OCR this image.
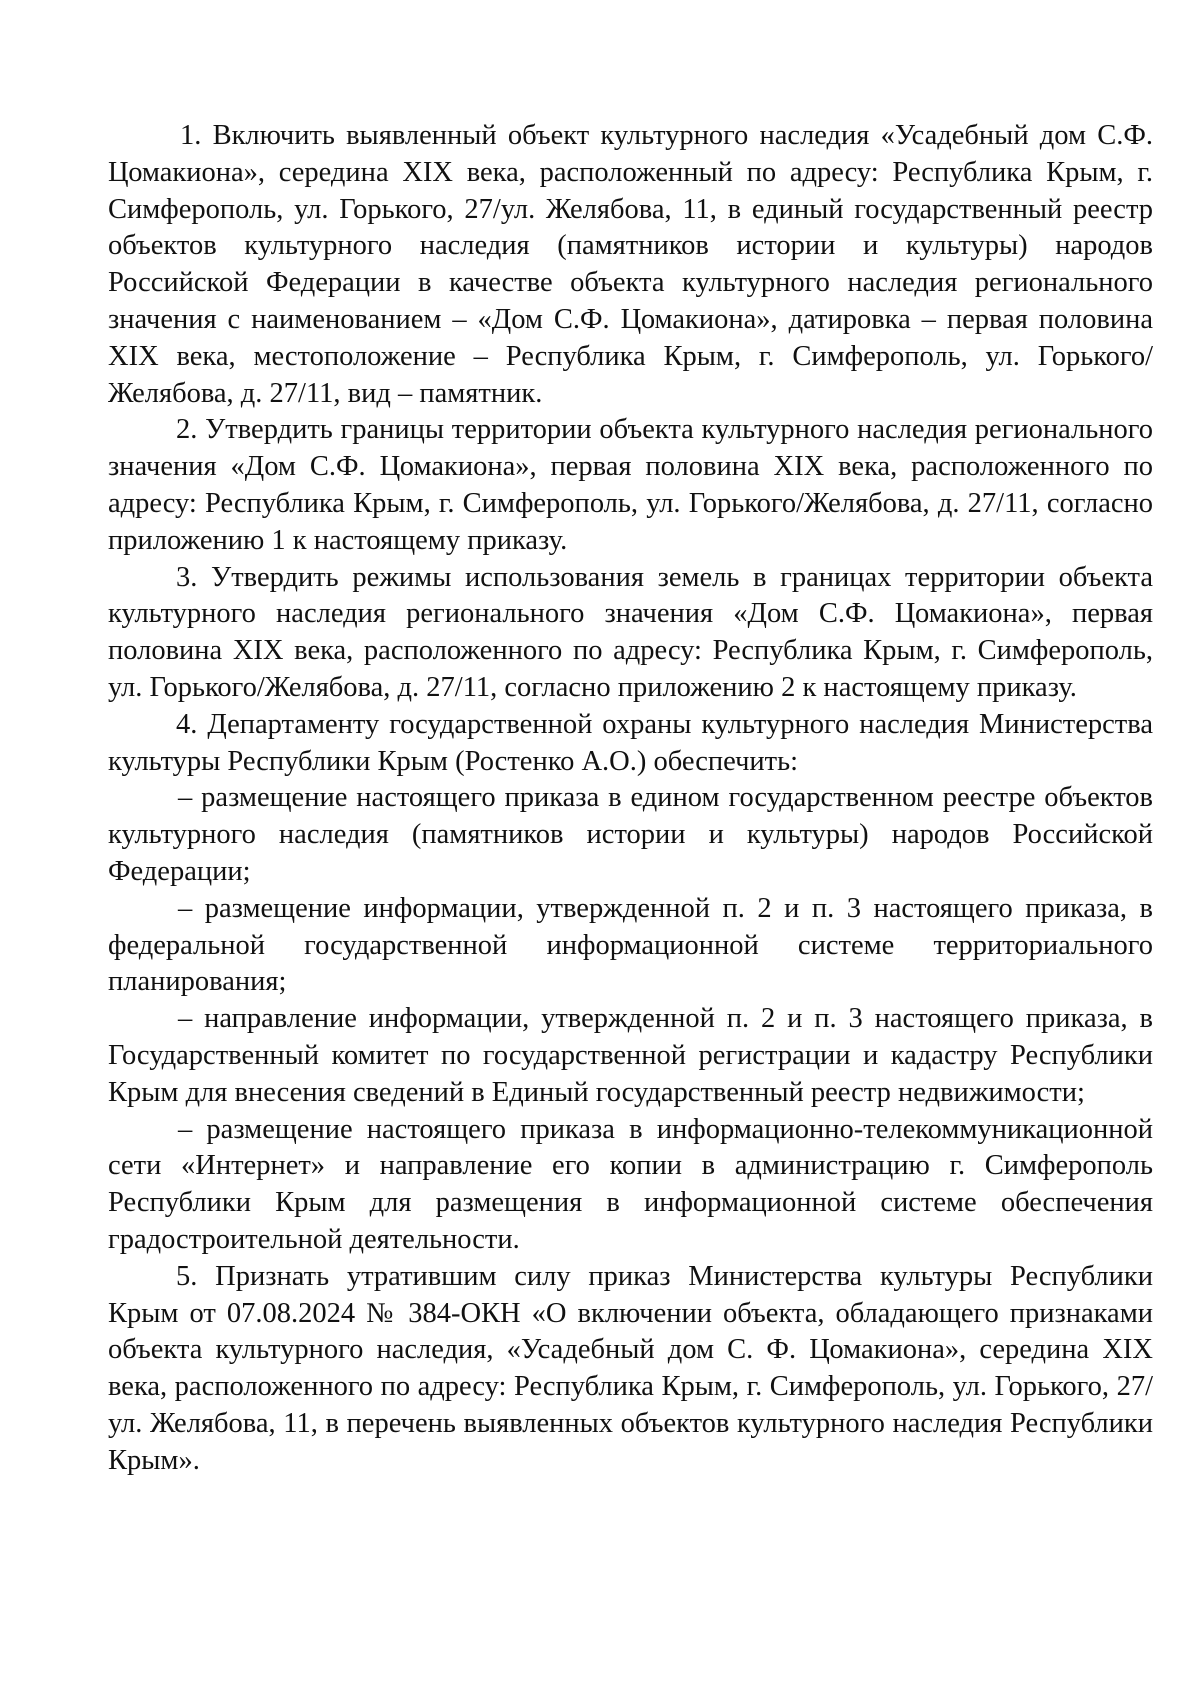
1. Включить выявленный объект культурного наследия «Усадебный дом С.Ф. Цомакиона», середина XIX века, расположенный по адресу: Республика Крым, г. Симферополь, ул. Горького, 27/ул. Желябова, 11, в единый государственный реестр объектов культурного наследия (памятников истории и культуры) народов Российской Федерации в качестве объекта культурного наследия регионального значения с наименованием – «Дом С.Ф. Цомакиона», датировка – первая половина XIX века, местоположение – Республика Крым, г. Симферополь, ул. Горького/Желябова, д. 27/11, вид – памятник.

2. Утвердить границы территории объекта культурного наследия регионального значения «Дом С.Ф. Цомакиона», первая половина XIX века, расположенного по адресу: Республика Крым, г. Симферополь, ул. Горького/Желябова, д. 27/11, согласно приложению 1 к настоящему приказу.

3. Утвердить режимы использования земель в границах территории объекта культурного наследия регионального значения «Дом С.Ф. Цомакиона», первая половина XIX века, расположенного по адресу: Республика Крым, г. Симферополь, ул. Горького/Желябова, д. 27/11, согласно приложению 2 к настоящему приказу.

4. Департаменту государственной охраны культурного наследия Министерства культуры Республики Крым (Ростенко А.О.) обеспечить:

– размещение настоящего приказа в едином государственном реестре объектов культурного наследия (памятников истории и культуры) народов Российской Федерации;

– размещение информации, утвержденной п. 2 и п. 3 настоящего приказа, в федеральной государственной информационной системе территориального планирования;

– направление информации, утвержденной п. 2 и п. 3 настоящего приказа, в Государственный комитет по государственной регистрации и кадастру Республики Крым для внесения сведений в Единый государственный реестр недвижимости;

– размещение настоящего приказа в информационно-телекоммуникационной сети «Интернет» и направление его копии в администрацию г. Симферополь Республики Крым для размещения в информационной системе обеспечения градостроительной деятельности.

5. Признать утратившим силу приказ Министерства культуры Республики Крым от 07.08.2024 № 384-ОКН «О включении объекта, обладающего признаками объекта культурного наследия, «Усадебный дом С. Ф. Цомакиона», середина XIX века, расположенного по адресу: Республика Крым, г. Симферополь, ул. Горького, 27/ул. Желябова, 11, в перечень выявленных объектов культурного наследия Республики Крым».
